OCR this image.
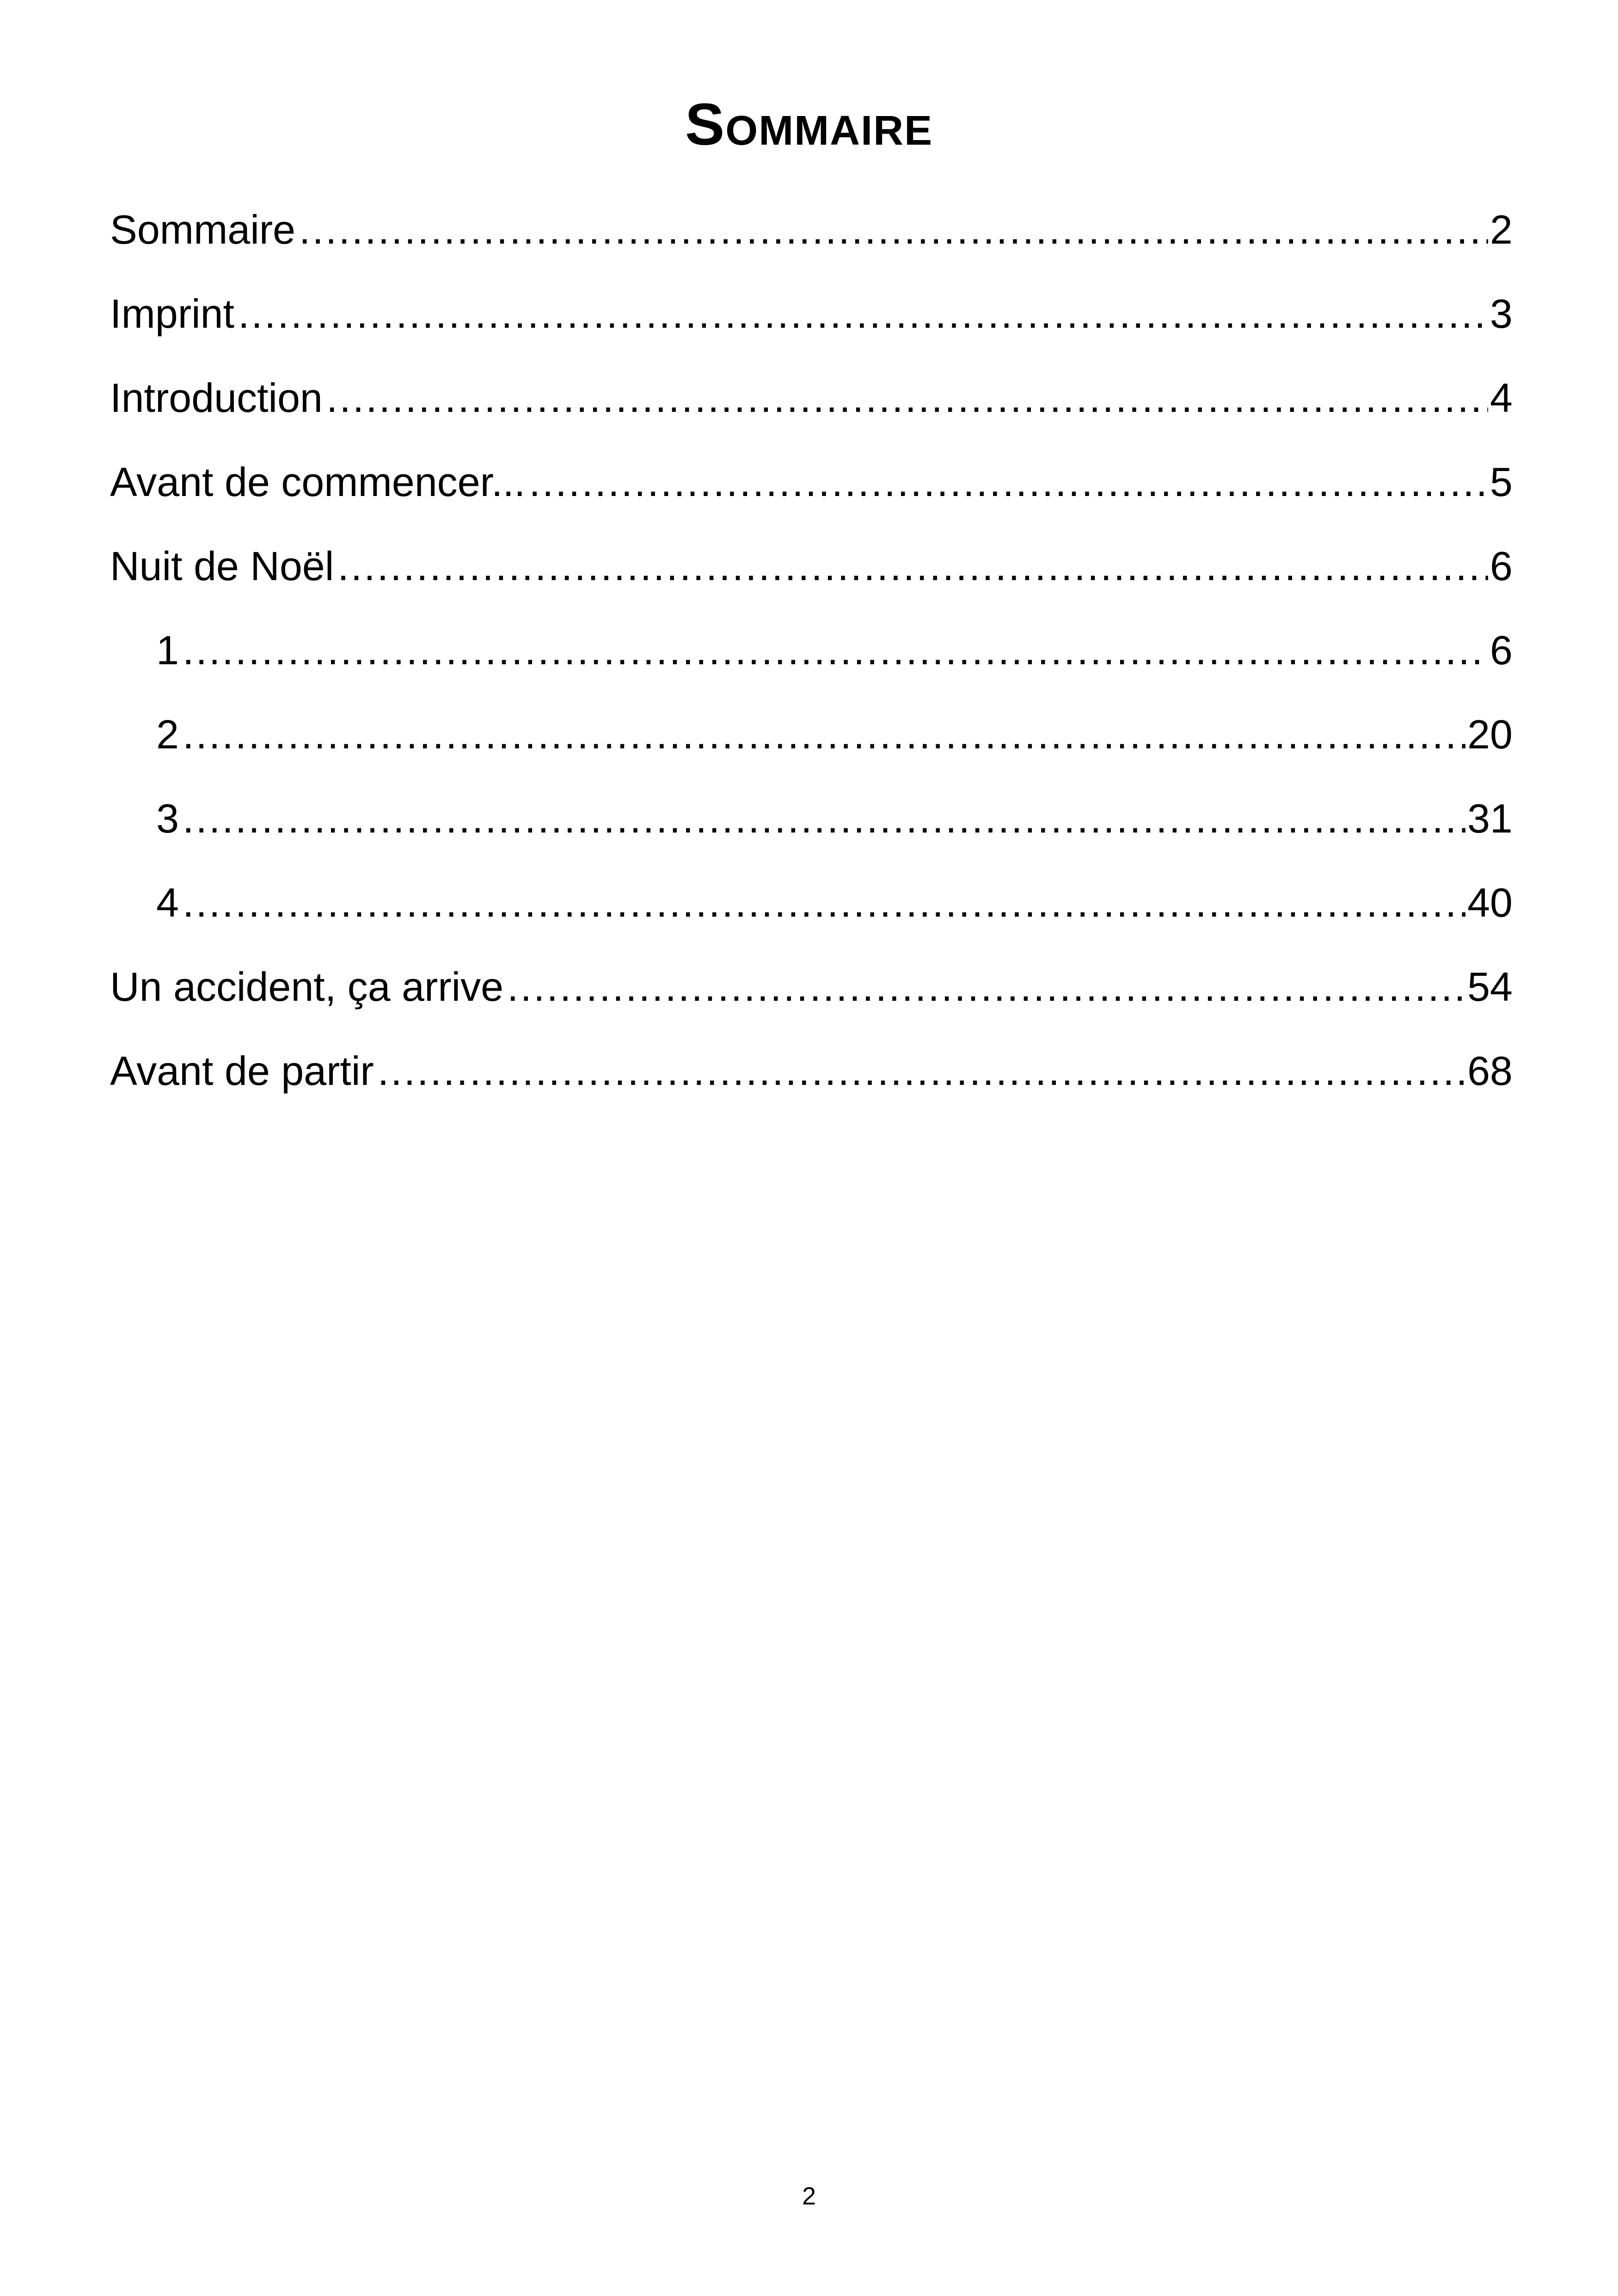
Sommaire
Sommaire .....	2
Imprint .....	3
Introduction .....	4
Avant de commencer... .....	5
Nuit de Noël .....	6
1 .....	6
2 .....	20
3 .....	31
4 .....	40
Un accident, ça arrive .....	54
Avant de partir .....	68
2
